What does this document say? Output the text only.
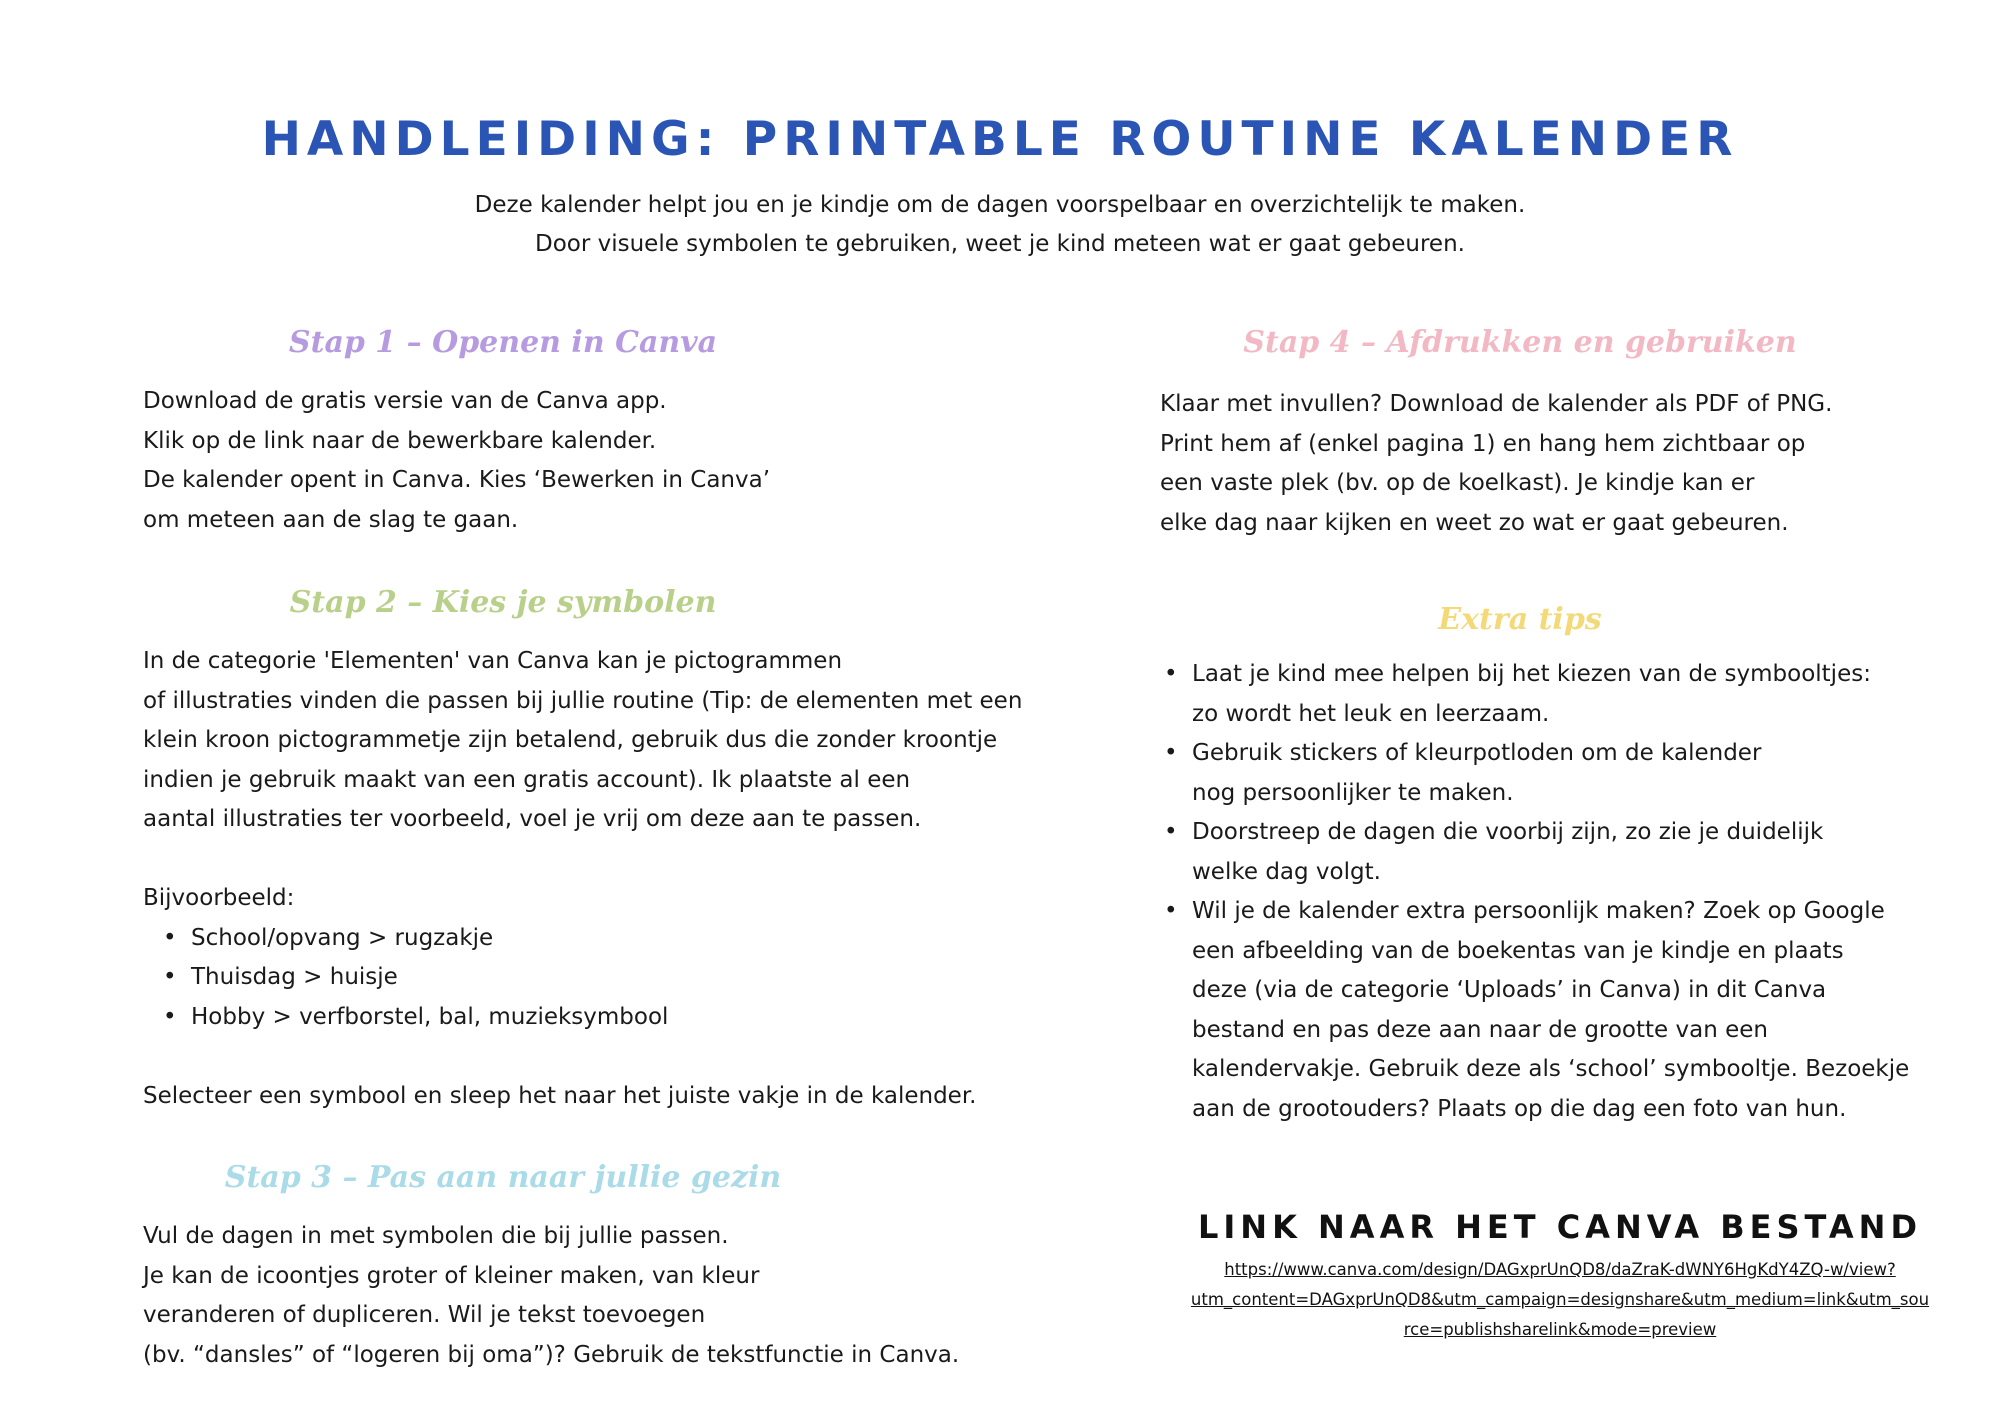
HANDLEIDING: PRINTABLE ROUTINE KALENDER
Deze kalender helpt jou en je kindje om de dagen voorspelbaar en overzichtelijk te maken.
Door visuele symbolen te gebruiken, weet je kind meteen wat er gaat gebeuren.
Stap 1 – Openen in Canva

Download de gratis versie van de Canva app.

Klik op de link naar de bewerkbare kalender.

De kalender opent in Canva. Kies ‘Bewerken in Canva’

om meteen aan de slag te gaan.

Stap 2 – Kies je symbolen

In de categorie 'Elementen' van Canva kan je pictogrammen

of illustraties vinden die passen bij jullie routine (Tip: de elementen met een

klein kroon pictogrammetje zijn betalend, gebruik dus die zonder kroontje

indien je gebruik maakt van een gratis account). Ik plaatste al een

aantal illustraties ter voorbeeld, voel je vrij om deze aan te passen.

Bijvoorbeeld:

• School/opvang > rugzakje
• Thuisdag > huisje
• Hobby > verfborstel, bal, muzieksymbool

Selecteer een symbool en sleep het naar het juiste vakje in de kalender.

Stap 3 – Pas aan naar jullie gezin

Vul de dagen in met symbolen die bij jullie passen.

Je kan de icoontjes groter of kleiner maken, van kleur

veranderen of dupliceren. Wil je tekst toevoegen

(bv. “dansles” of “logeren bij oma”)? Gebruik de tekstfunctie in Canva.

Stap 4 – Afdrukken en gebruiken

Klaar met invullen? Download de kalender als PDF of PNG.

Print hem af (enkel pagina 1) en hang hem zichtbaar op

een vaste plek (bv. op de koelkast). Je kindje kan er

elke dag naar kijken en weet zo wat er gaat gebeuren.

Extra tips
• Laat je kind mee helpen bij het kiezen van de symbooltjes:
zo wordt het leuk en leerzaam.
• Gebruik stickers of kleurpotloden om de kalender
nog persoonlijker te maken.
• Doorstreep de dagen die voorbij zijn, zo zie je duidelijk
welke dag volgt.
• Wil je de kalender extra persoonlijk maken? Zoek op Google
een afbeelding van de boekentas van je kindje en plaats
deze (via de categorie ‘Uploads’ in Canva) in dit Canva
bestand en pas deze aan naar de grootte van een
kalendervakje. Gebruik deze als ‘school’ symbooltje. Bezoekje
aan de grootouders? Plaats op die dag een foto van hun.
LINK NAAR HET CANVA BESTAND
https://www.canva.com/design/DAGxprUnQD8/daZraK-dWNY6HgKdY4ZQ-w/view?
utm_content=DAGxprUnQD8&utm_campaign=designshare&utm_medium=link&utm_sou
rce=publishsharelink&mode=preview
